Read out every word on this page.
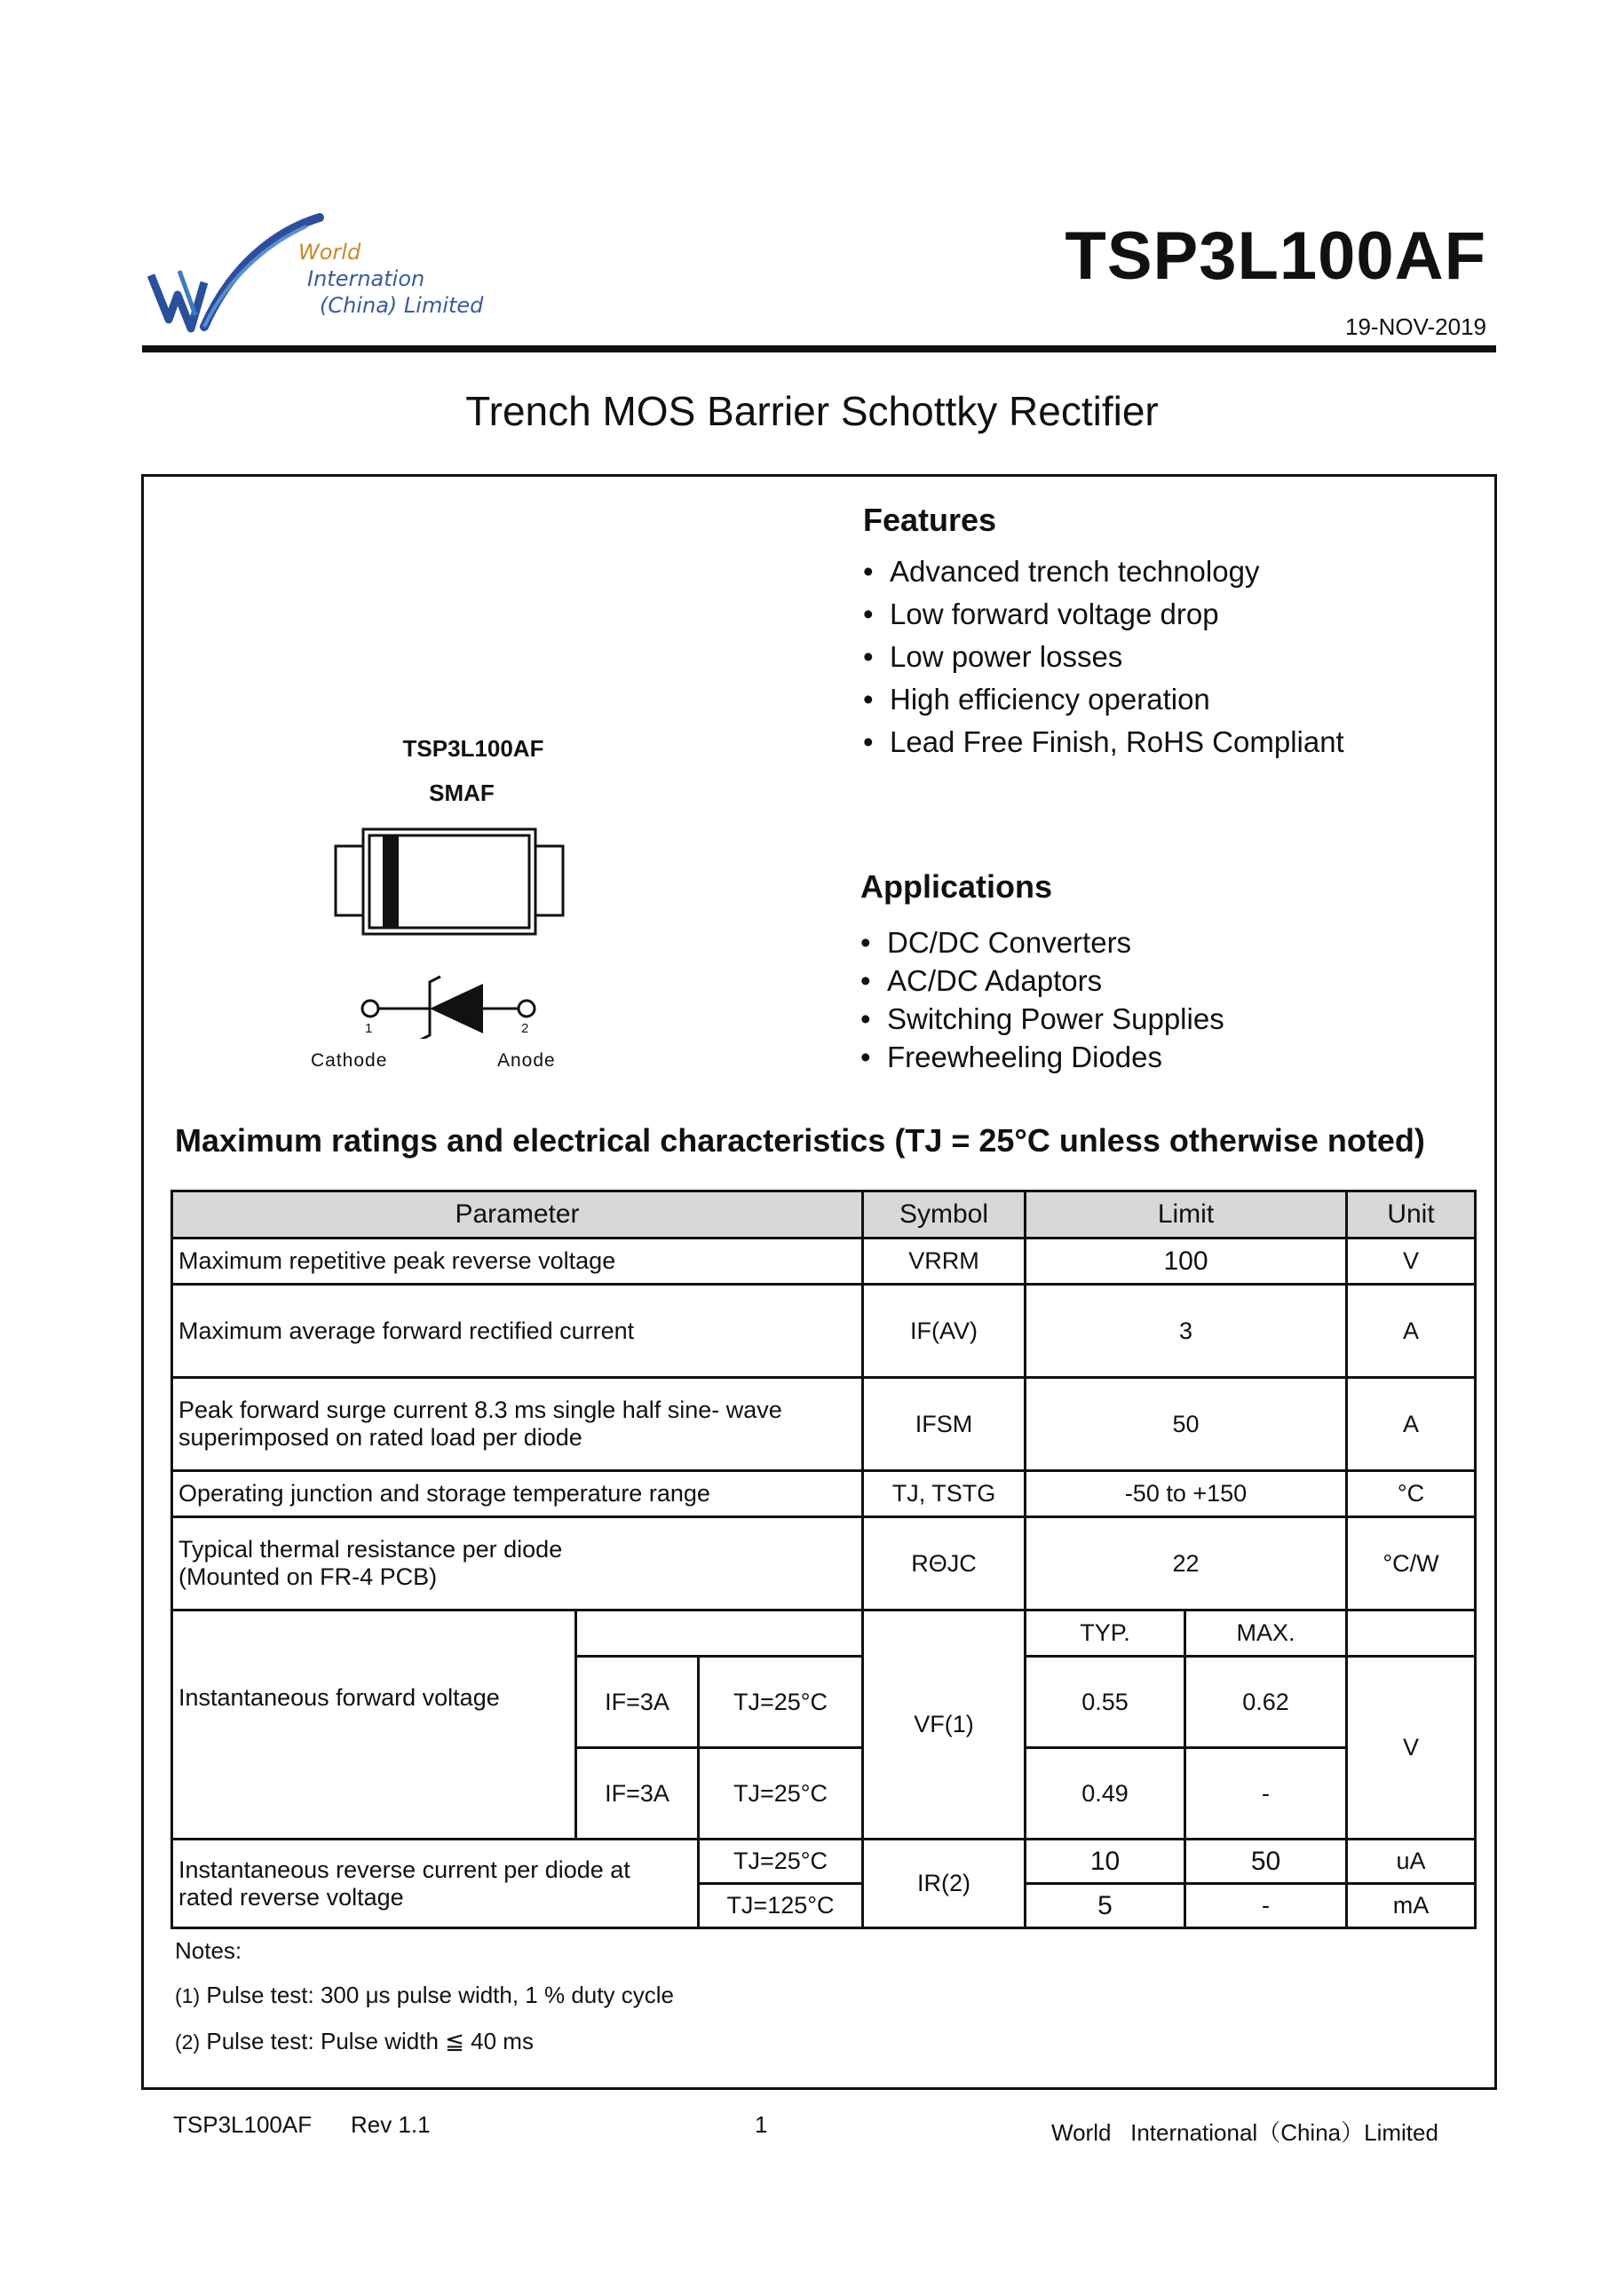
World
Internation
(China) Limited
TSP3L100AF
19-NOV-2019
Trench MOS Barrier Schottky Rectifier
TSP3L100AF
SMAF
1	2
Cathode	Anode
Features
• Advanced trench technology
• Low forward voltage drop
• Low power losses
• High efficiency operation
• Lead Free Finish, RoHS Compliant
Applications
• DC/DC Converters
• AC/DC Adaptors
• Switching Power Supplies
• Freewheeling Diodes
Maximum ratings and electrical characteristics (TJ = 25°C unless otherwise noted)
Parameter			Symbol	Limit		Unit
Maximum repetitive peak reverse voltage			VRRM	100		V
Maximum average forward rectified current			IF(AV)	3		A
Peak forward surge current 8.3 ms single half sine- wave superimposed on rated load per diode			IFSM	50		A
Operating junction and storage temperature range			TJ, TSTG	-50 to +150		°C
Typical thermal resistance per diode (Mounted on FR-4 PCB)			RΘJC	22		°C/W
Instantaneous forward voltage			VF(1)	TYP.	MAX.	
	IF=3A	TJ=25°C		0.55	0.62	V
	IF=3A	TJ=25°C		0.49	-	
Instantaneous reverse current per diode at rated reverse voltage		TJ=25°C	IR(2)	10	50	uA
		TJ=125°C		5	-	mA
Notes:
(1) Pulse test: 300 μs pulse width, 1 % duty cycle
(2) Pulse test: Pulse width ≦ 40 ms
TSP3L100AF Rev 1.1	1	World   International（China）Limited
